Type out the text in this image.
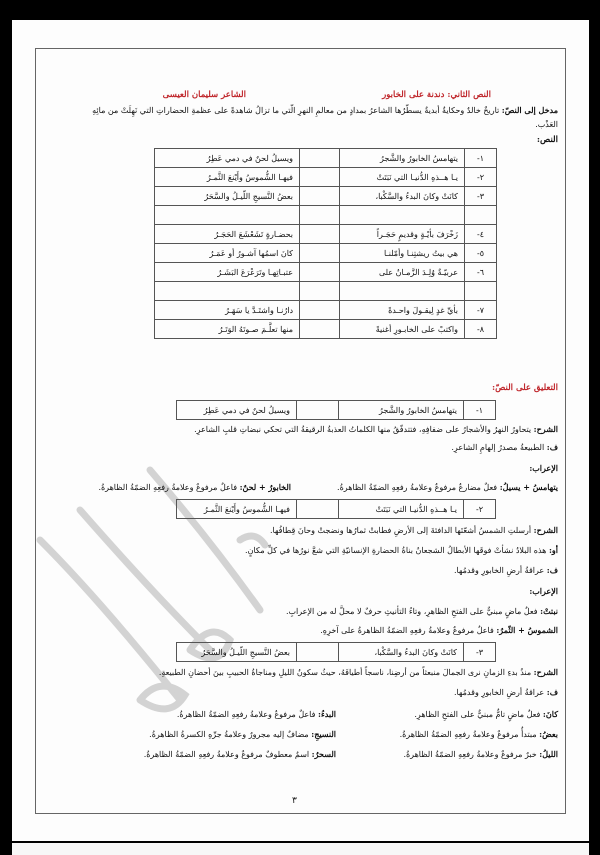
النص الثاني: دندنة على الخابور
الشاعر سليمان العيسى
مدخل إلى النصّ: تاريخٌ خالدٌ وحكايةٌ أبديةٌ يسطّرُها الشاعرُ بمدادٍ من معالمِ النهرِ الّتي ما تزالُ شاهدةً على عظمةِ الحضاراتِ التي نَهِلَتْ من مائِهِ
العَذْب.
النص:
١-	يتهامسُ الخابورُ والشَّجرُ		ويسيلُ لحنٌ في دمي عَطِرُ
٢-	يـا هــذهِ الدُّنيـا التي نَبَتَتْ		فيهـا الشُّموسُ وأَيْنعَ الثَّمـرُ
٣-	كانَتْ وكانَ البدءُ والسَّكْبا،		بعضُ النَّسيجِ اللّيـلُ والسَّحَرُ

٤-	زَخْرَفَ بأيْـةٍ وقديمٍ حَجَـراً		بحضـارةٍ تَشَعْشَعَ الحَجَـرُ
٥-	هي بيتُ ريشتِنـا وأمّلنـا		كانَ اسمُها آشـورُ أو عَمَـرُ
٦-	عربيّـةٌ وُلِـدَ الزَّمـانُ على		عتبـاتِهـا وتَرَعْرَعَ البَشَـرُ

٧-	بأيِّ غدٍ لِيقـولَ واحـدةً		دارُنـا واشتَـدَّ يا سَهَـرُ
٨-	واكتبْ على الخابـورِ أغنيةً		منها تعلَّـمَ صـوتَهُ الوَتَـرُ
التعليق على النصّ:
١-	يتهامسُ الخابورُ والشَّجرُ		ويسيلُ لحنٌ في دمي عَطِرُ
الشرح: يتحاورُ النهرُ والأشجارُ على ضفافِهِ، فتتدفّقُ منها الكلماتُ العذبةُ الرقيقةُ التي تحكي نبضاتِ قلبِ الشاعرِ.
ف: الطبيعةُ مصدرُ إلهامِ الشاعرِ.
الإعراب:
يتهامسُ + يسيلُ: فعلٌ مضارعٌ مرفوعٌ وعلامةُ رفعِهِ الضمّةُ الظاهرةُ.
الخابورُ + لحنٌ: فاعلٌ مرفوعٌ وعلامةُ رفعِهِ الضمّةُ الظاهرةُ.
٢-	يـا هــذهِ الدُّنيـا التي نَبَتَتْ		فيهـا الشُّموسُ وأَيْنعَ الثَّمـرُ
الشرح: أرسلتِ الشمسُ أشعّتَها الدافئةَ إلى الأرضِ فطابتْ ثمارُها ونضجتْ وحانَ قِطافُها.
أو: هذه البلادُ نشأتْ فوقَها الأبطالُ الشجعانُ بناةُ الحضارةِ الإنسانيّةِ التي شعَّ نورُها في كلِّ مكانٍ.
ف: عراقةُ أرضِ الخابورِ وقدمُها.
الإعراب:
نبتتْ: فعلٌ ماضٍ مبنيٌّ على الفتحِ الظاهرِ، وتاءُ التأنيثِ حرفٌ لا محلَّ له من الإعرابِ.
الشموسُ + الثّمرُ: فاعلٌ مرفوعٌ وعلامةُ رفعِهِ الضمّةُ الظاهرةُ على آخرِهِ.
٣-	كانَتْ وكانَ البدءُ والسَّكْبا،		بعضُ النَّسيجِ اللّيـلُ والسَّحَرُ
الشرح: منذُ بدءِ الزمانِ نرى الجمالَ منبعثاً من أرضِنا، ناسجاً أطيافَهُ، حيثُ سكونُ الليلِ ومناجاةُ الحبيبِ بينَ أحضانِ الطبيعةِ.
ف: عراقةُ أرضِ الخابورِ وقدمُها.
كانَ: فعلٌ ماضٍ تامٌّ مبنيٌّ على الفتحِ الظاهرِ.
البدءُ: فاعلٌ مرفوعٌ وعلامةُ رفعِهِ الضمّةُ الظاهرةُ.
بعضُ: مبتدأٌ مرفوعٌ وعلامةُ رفعِهِ الضمّةُ الظاهرةُ.
النسيجِ: مضافٌ إليه مجرورٌ وعلامةُ جرِّهِ الكسرةُ الظاهرةُ.
الليلُ: خبرٌ مرفوعٌ وعلامةُ رفعِهِ الضمّةُ الظاهرةُ.
السحرُ: اسمٌ معطوفٌ مرفوعٌ وعلامةُ رفعِهِ الضمّةُ الظاهرةُ.
٣
